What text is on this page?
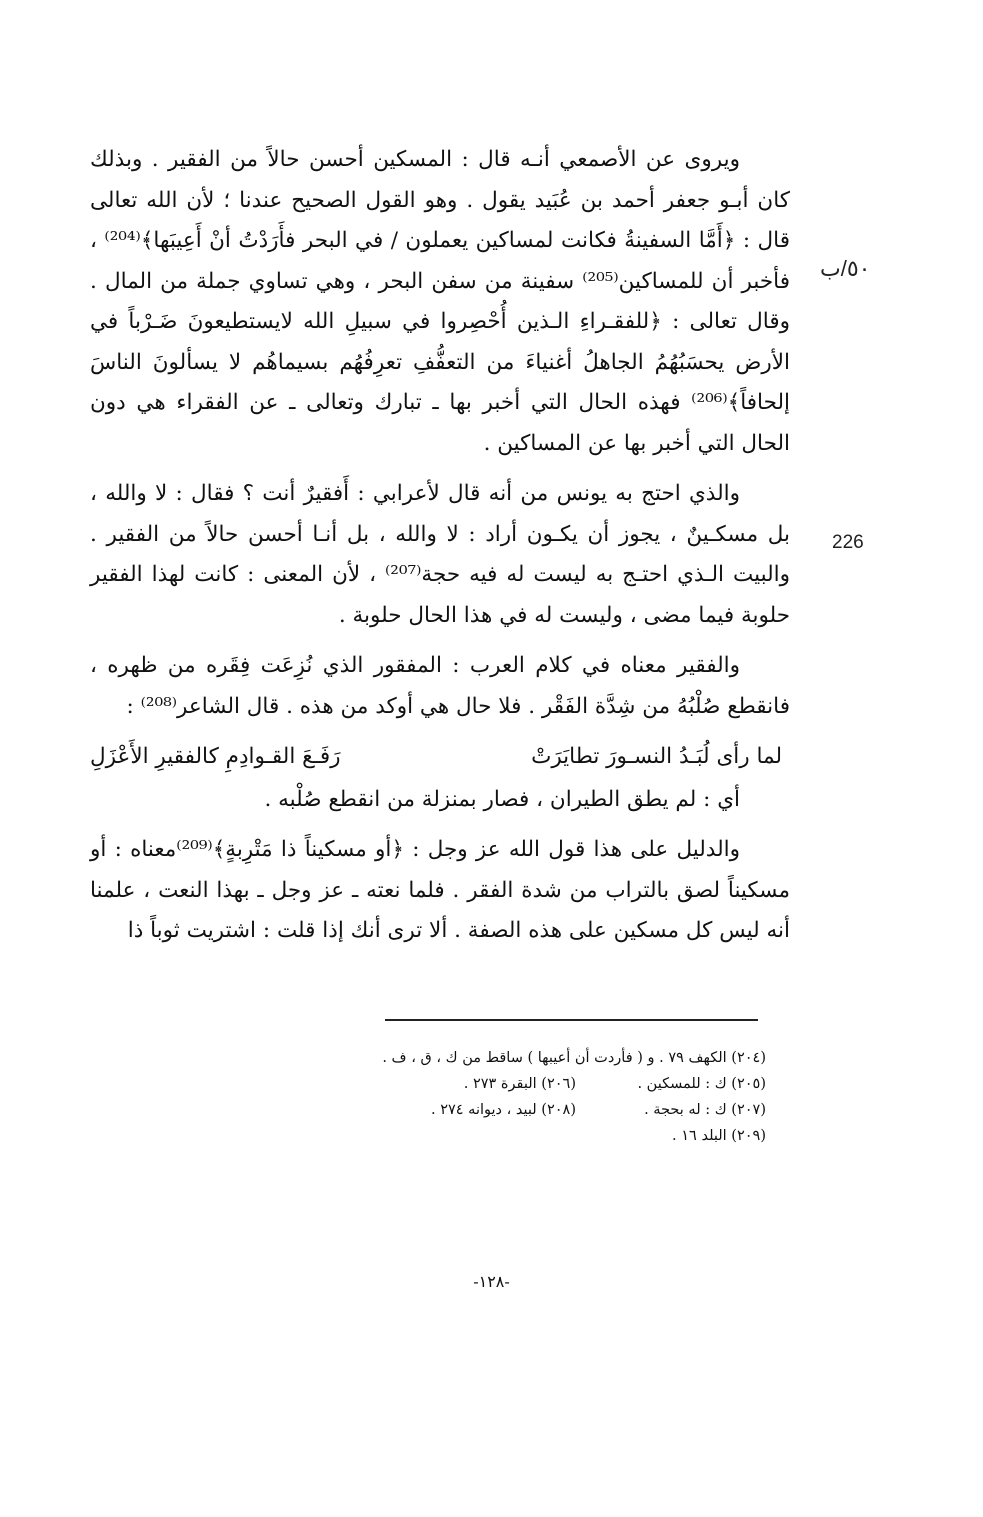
٥٠/ب
226

ويروى عن الأصمعي أنـه قال : المسكين أحسن حالاً من الفقير . وبذلك كان أبـو جعفر أحمد بن عُبَيد يقول . وهو القول الصحيح عندنا ؛ لأن الله تعالى قال : ﴿أَمَّا السفينةُ فكانت لمساكين يعملون / في البحر فأَرَدْتُ أنْ أَعِيبَها﴾⁽²⁰⁴⁾ ، فأخبر أن للمساكين⁽²⁰⁵⁾ سفينة من سفن البحر ، وهي تساوي جملة من المال . وقال تعالى : ﴿للفقـراءِ الـذين أُحْصِروا في سبيلِ الله لايستطيعونَ ضَـرْباً في الأرض يحسَبُهُمُ الجاهلُ أغنياءَ من التعفُّفِ تعرِفُهُم بسيماهُم لا يسألونَ الناسَ إلحافاً﴾⁽²⁰⁶⁾ فهذه الحال التي أخبر بها ـ تبارك وتعالى ـ عن الفقراء هي دون الحال التي أخبر بها عن المساكين .

والذي احتج به يونس من أنه قال لأعرابي : أَفقيرٌ أنت ؟ فقال : لا والله ، بل مسكـينٌ ، يجوز أن يكـون أراد : لا والله ، بل أنـا أحسن حالاً من الفقير . والبيت الـذي احتـج به ليست له فيه حجة⁽²⁰⁷⁾ ، لأن المعنى : كانت لهذا الفقير حلوبة فيما مضى ، وليست له في هذا الحال حلوبة .

والفقير معناه في كلام العرب : المفقور الذي نُزِعَت فِقَره من ظهره ، فانقطع صُلْبُهُ من شِدَّة الفَقْر . فلا حال هي أوكد من هذه . قال الشاعر⁽²⁰⁸⁾ :

لما رأى لُبَـدُ النسـورَ تطايَرَتْ
رَفَـعَ القـوادِمِ كالفقيرِ الأَعْزَلِ

أي : لم يطق الطيران ، فصار بمنزلة من انقطع صُلْبه .

والدليل على هذا قول الله عز وجل : ﴿أو مسكيناً ذا مَتْرِبةٍ﴾⁽²⁰⁹⁾معناه : أو مسكيناً لصق بالتراب من شدة الفقر . فلما نعته ـ عز وجل ـ بهذا النعت ، علمنا أنه ليس كل مسكين على هذه الصفة . ألا ترى أنك إذا قلت : اشتريت ثوباً ذا

(٢٠٤) الكهف ٧٩ . و ( فأردت أن أعيبها ) ساقط من ك ، ق ، ف .
(٢٠٥) ك : للمسكين .
(٢٠٦) البقرة ٢٧٣ .
(٢٠٧) ك : له بحجة .
(٢٠٨) لبيد ، ديوانه ٢٧٤ .
(٢٠٩) البلد ١٦ .
-١٢٨-
